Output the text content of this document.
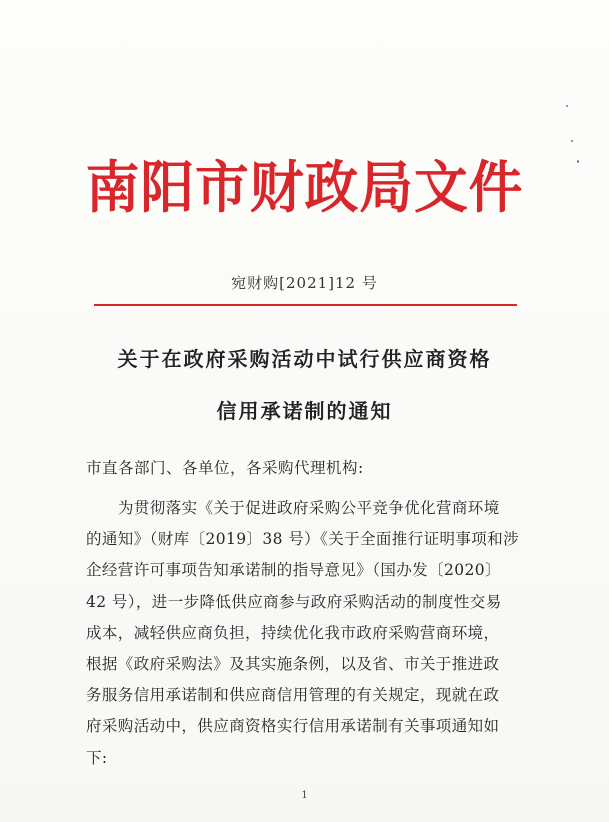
南阳市财政局文件
宛财购[2021]12 号
关于在政府采购活动中试行供应商资格
信用承诺制的通知
市直各部门、各单位，各采购代理机构:

为贯彻落实《关于促进政府采购公平竞争优化营商环境

的通知》（财库〔2019〕38 号）《关于全面推行证明事项和涉

企经营许可事项告知承诺制的指导意见》（国办发〔2020〕

42 号），进一步降低供应商参与政府采购活动的制度性交易

成本，减轻供应商负担，持续优化我市政府采购营商环境，

根据《政府采购法》及其实施条例，以及省、市关于推进政

务服务信用承诺制和供应商信用管理的有关规定，现就在政

府采购活动中，供应商资格实行信用承诺制有关事项通知如

下:

1
